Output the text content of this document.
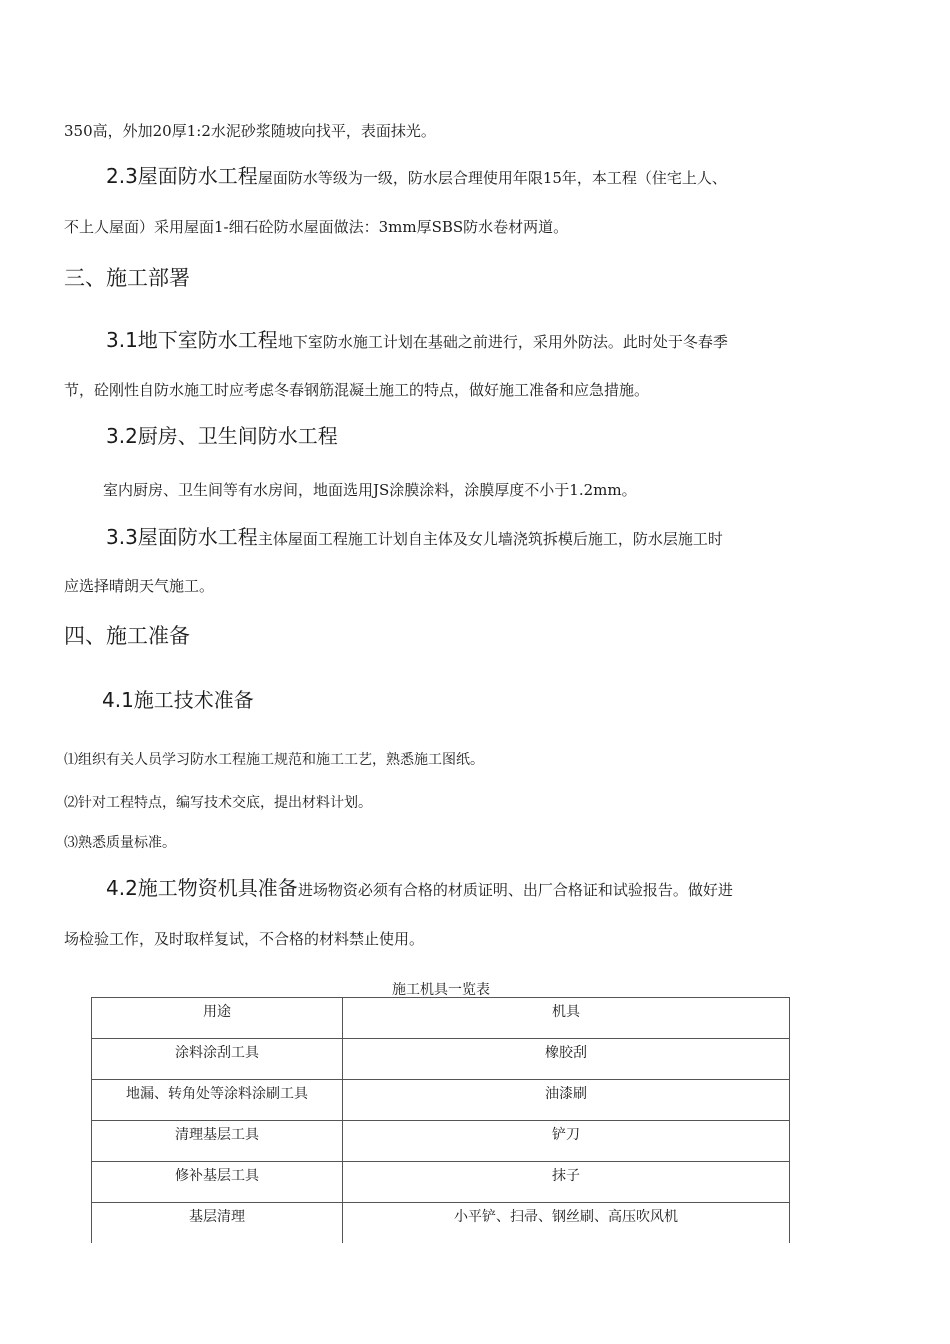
350高，外加20厚1:2水泥砂浆随坡向找平，表面抹光。
2.3屋面防水工程屋面防水等级为一级，防水层合理使用年限15年，本工程（住宅上人、
不上人屋面）采用屋面1-细石砼防水屋面做法：3mm厚SBS防水卷材两道。
三、施工部署
3.1地下室防水工程地下室防水施工计划在基础之前进行，采用外防法。此时处于冬春季
节，砼刚性自防水施工时应考虑冬春钢筋混凝土施工的特点，做好施工准备和应急措施。
3.2厨房、卫生间防水工程
室内厨房、卫生间等有水房间，地面选用JS涂膜涂料，涂膜厚度不小于1.2mm。
3.3屋面防水工程主体屋面工程施工计划自主体及女儿墙浇筑拆模后施工，防水层施工时
应选择晴朗天气施工。
四、施工准备
4.1施工技术准备
⑴组织有关人员学习防水工程施工规范和施工工艺，熟悉施工图纸。
⑵针对工程特点，编写技术交底，提出材料计划。
⑶熟悉质量标准。
4.2施工物资机具准备进场物资必须有合格的材质证明、出厂合格证和试验报告。做好进
场检验工作，及时取样复试，不合格的材料禁止使用。
施工机具一览表
用途	机具
涂料涂刮工具	橡胶刮
地漏、转角处等涂料涂刷工具	油漆刷
清理基层工具	铲刀
修补基层工具	抹子
基层清理	小平铲、扫帚、钢丝刷、高压吹风机
